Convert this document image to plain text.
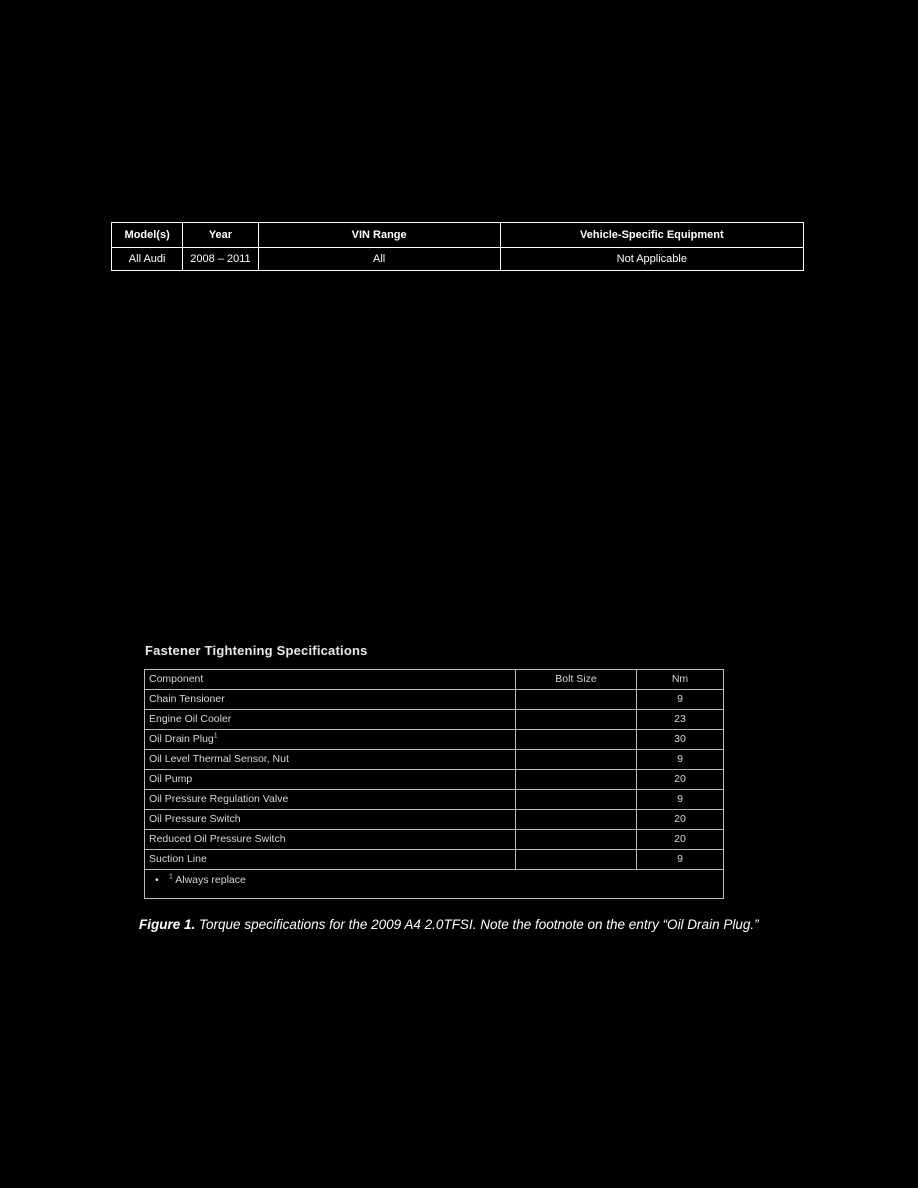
Model(s)	Year	VIN Range	Vehicle-Specific Equipment
All Audi	2008 – 2011	All	Not Applicable
Fastener Tightening Specifications
Component	Bolt Size	Nm
Chain Tensioner		9
Engine Oil Cooler		23
Oil Drain Plug$^1$		30
Oil Level Thermal Sensor, Nut		9
Oil Pump		20
Oil Pressure Regulation Valve		9
Oil Pressure Switch		20
Reduced Oil Pressure Switch		20
Suction Line		9
• $^1$ Always replace		
Figure 1. Torque specifications for the 2009 A4 2.0TFSI. Note the footnote on the entry “Oil Drain Plug.”
